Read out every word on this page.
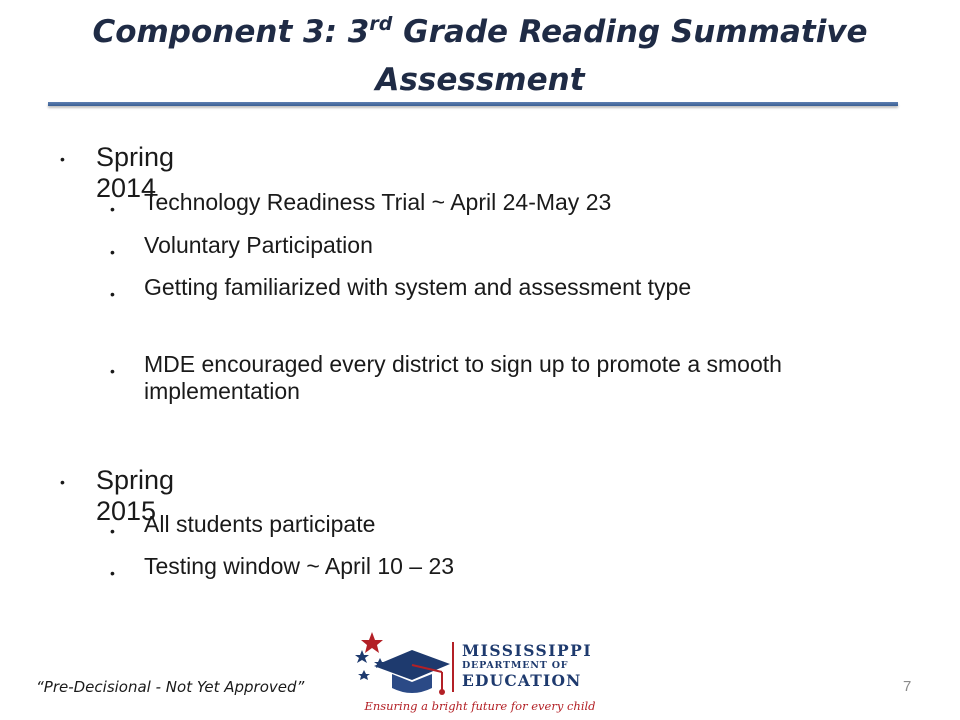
Component 3: 3rd Grade Reading Summative
Assessment
• Spring 2014
• Technology Readiness Trial ~ April 24-May 23
• Voluntary Participation
• Getting familiarized with system and assessment type
• MDE encouraged every district to sign up to promote a smooth implementation
• Spring 2015
• All students participate
• Testing window ~ April 10 – 23
“Pre-Decisional - Not Yet Approved”
MISSISSIPPI
DEPARTMENT OF
EDUCATION
Ensuring a bright future for every child
7
